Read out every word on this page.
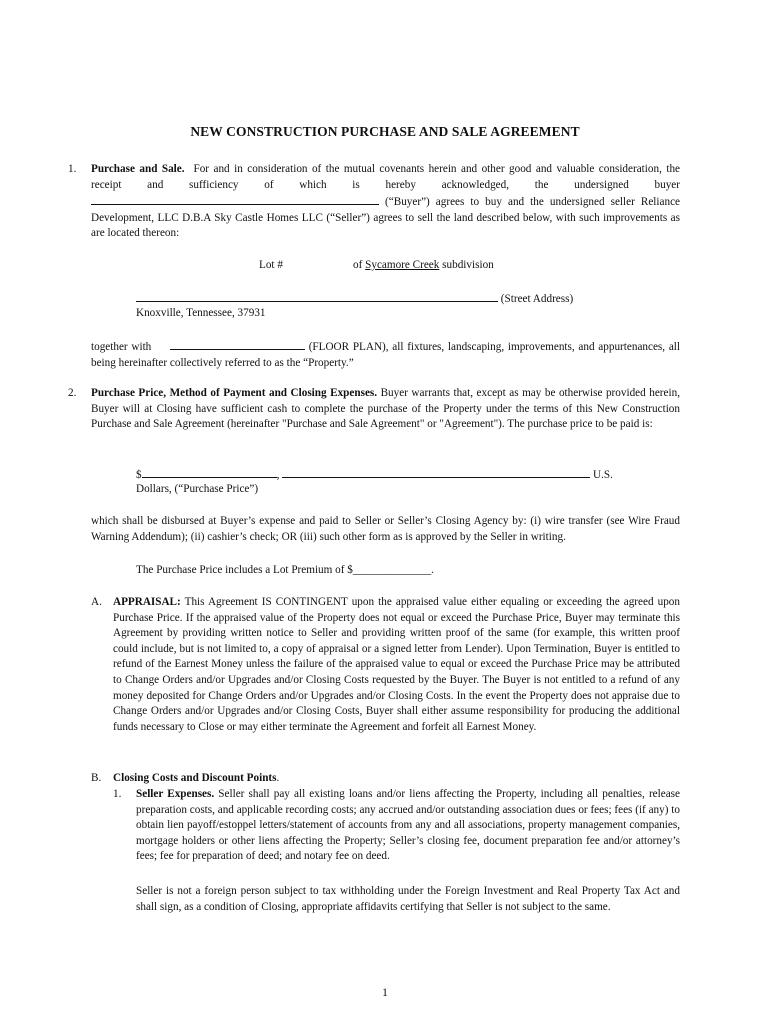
NEW CONSTRUCTION PURCHASE AND SALE AGREEMENT
1. Purchase and Sale. For and in consideration of the mutual covenants herein and other good and valuable consideration, the receipt and sufficiency of which is hereby acknowledged, the undersigned buyer  (“Buyer”) agrees to buy and the undersigned seller Reliance Development, LLC D.B.A Sky Castle Homes LLC (“Seller”) agrees to sell the land described below, with such improvements as are located thereon:

Lot #	of Sycamore Creek subdivision
(Street Address)
Knoxville, Tennessee, 37931

together with	(FLOOR PLAN), all fixtures, landscaping, improvements, and appurtenances, all being hereinafter collectively referred to as the “Property.”

2. Purchase Price, Method of Payment and Closing Expenses. Buyer warrants that, except as may be otherwise provided herein, Buyer will at Closing have sufficient cash to complete the purchase of the Property under the terms of this New Construction Purchase and Sale Agreement (hereinafter "Purchase and Sale Agreement" or "Agreement"). The purchase price to be paid is:

$	,	U.S.
Dollars, (“Purchase Price”)

which shall be disbursed at Buyer’s expense and paid to Seller or Seller’s Closing Agency by: (i) wire transfer (see Wire Fraud Warning Addendum); (ii) cashier’s check; OR (iii) such other form as is approved by the Seller in writing.

The Purchase Price includes a Lot Premium of $______________.
A. APPRAISAL: This Agreement IS CONTINGENT upon the appraised value either equaling or exceeding the agreed upon Purchase Price. If the appraised value of the Property does not equal or exceed the Purchase Price, Buyer may terminate this Agreement by providing written notice to Seller and providing written proof of the same (for example, this written proof could include, but is not limited to, a copy of appraisal or a signed letter from Lender). Upon Termination, Buyer is entitled to refund of the Earnest Money unless the failure of the appraised value to equal or exceed the Purchase Price may be attributed to Change Orders and/or Upgrades and/or Closing Costs requested by the Buyer. The Buyer is not entitled to a refund of any money deposited for Change Orders and/or Upgrades and/or Closing Costs. In the event the Property does not appraise due to Change Orders and/or Upgrades and/or Closing Costs, Buyer shall either assume responsibility for producing the additional funds necessary to Close or may either terminate the Agreement and forfeit all Earnest Money.

B. Closing Costs and Discount Points.
1. Seller Expenses. Seller shall pay all existing loans and/or liens affecting the Property, including all penalties, release preparation costs, and applicable recording costs; any accrued and/or outstanding association dues or fees; fees (if any) to obtain lien payoff/estoppel letters/statement of accounts from any and all associations, property management companies, mortgage holders or other liens affecting the Property; Seller’s closing fee, document preparation fee and/or attorney’s fees; fee for preparation of deed; and notary fee on deed.

Seller is not a foreign person subject to tax withholding under the Foreign Investment and Real Property Tax Act and shall sign, as a condition of Closing, appropriate affidavits certifying that Seller is not subject to the same.

1
